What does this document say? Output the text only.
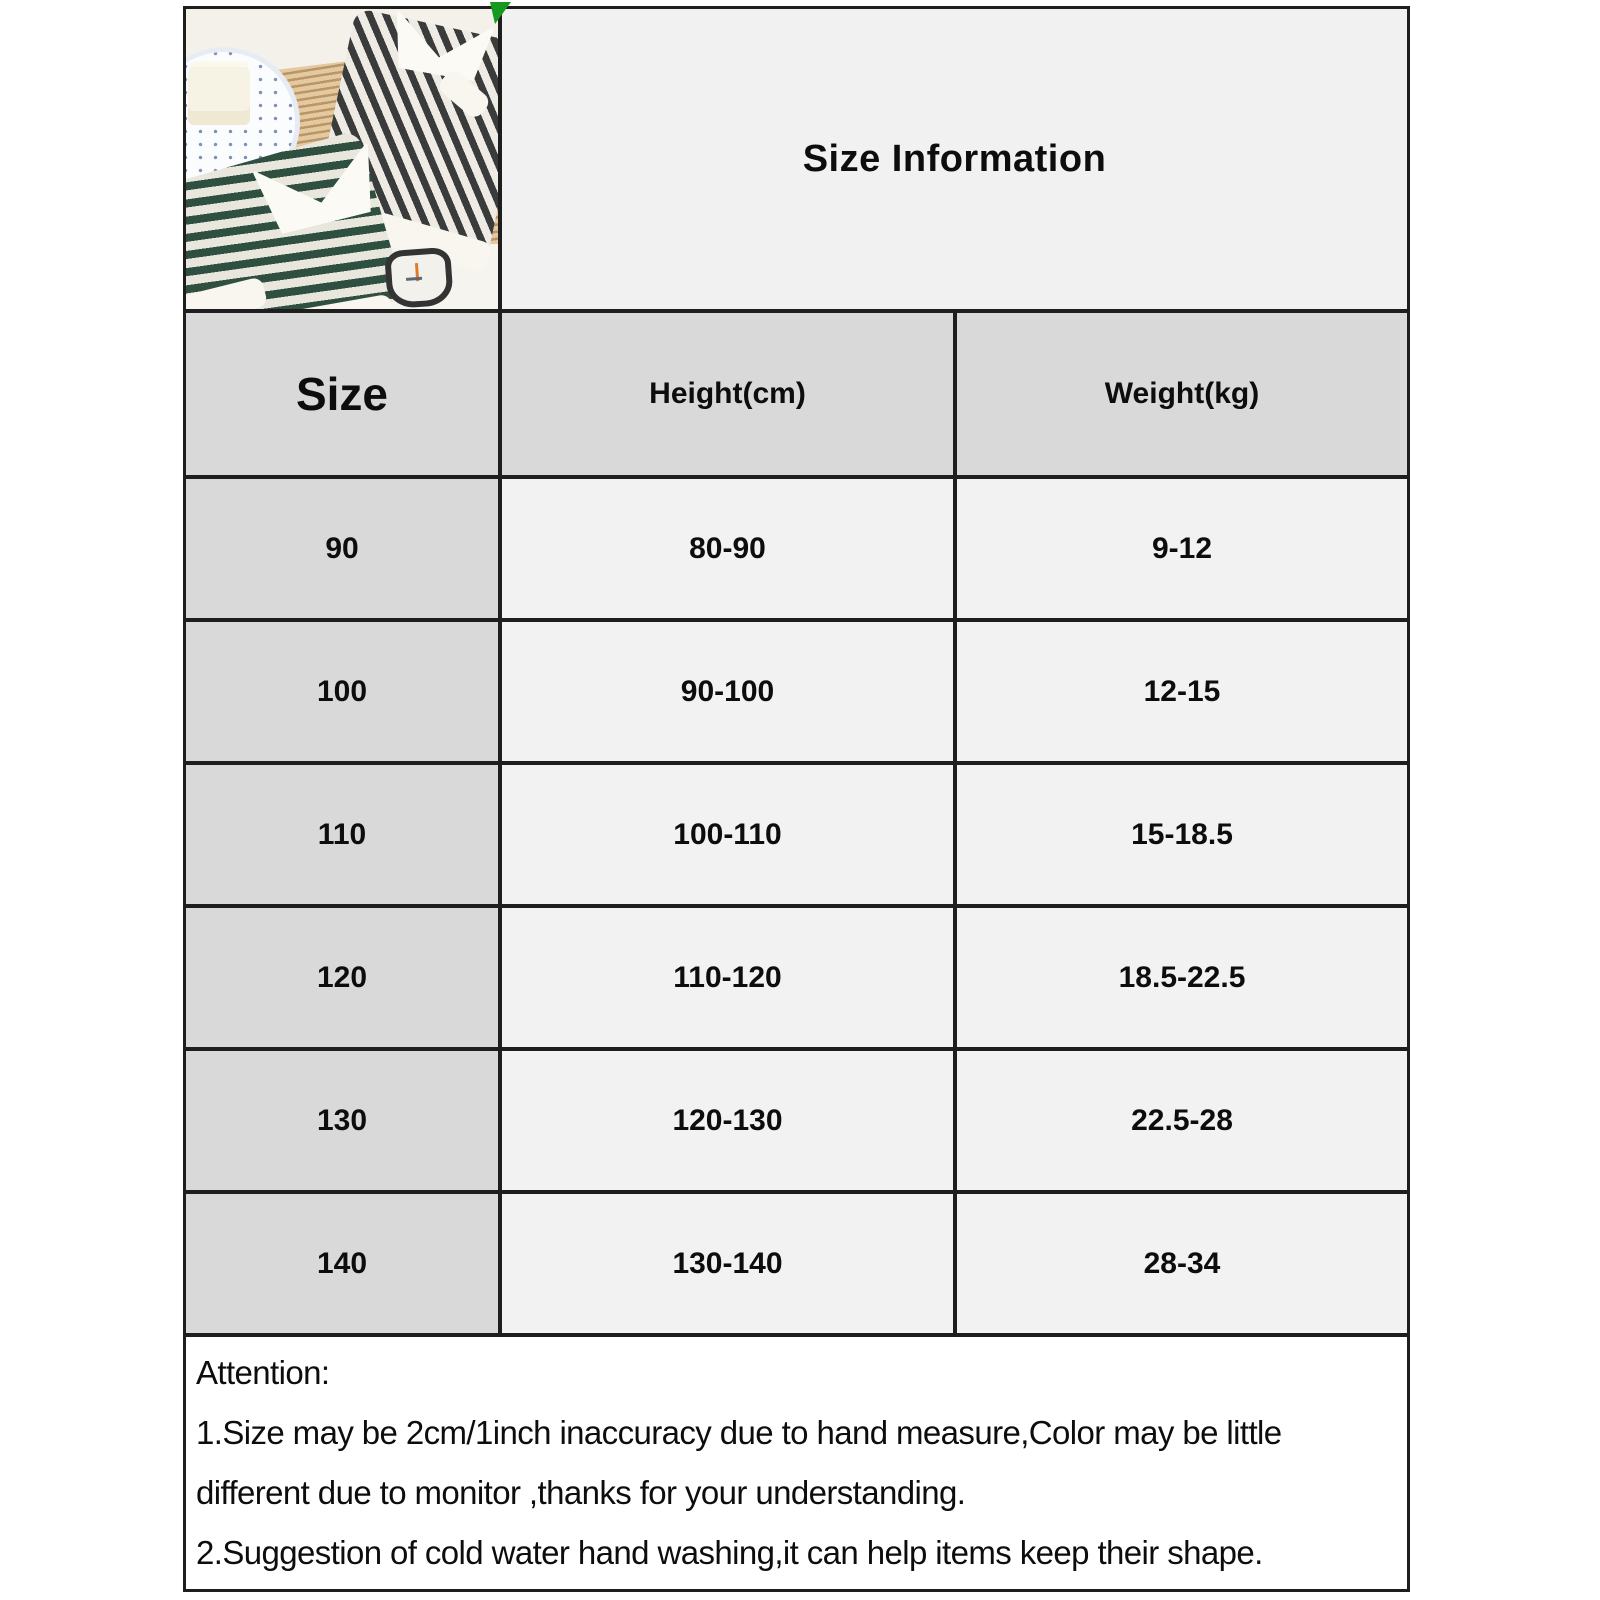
Size Information
Size	Height(cm)	Weight(kg)
90	80-90	9-12
100	90-100	12-15
110	100-110	15-18.5
120	110-120	18.5-22.5
130	120-130	22.5-28
140	130-140	28-34

Attention:

1.Size may be 2cm/1inch inaccuracy due to hand measure,Color may be little different due to monitor ,thanks for your understanding.

2.Suggestion of cold water hand washing,it can help items keep their shape.
